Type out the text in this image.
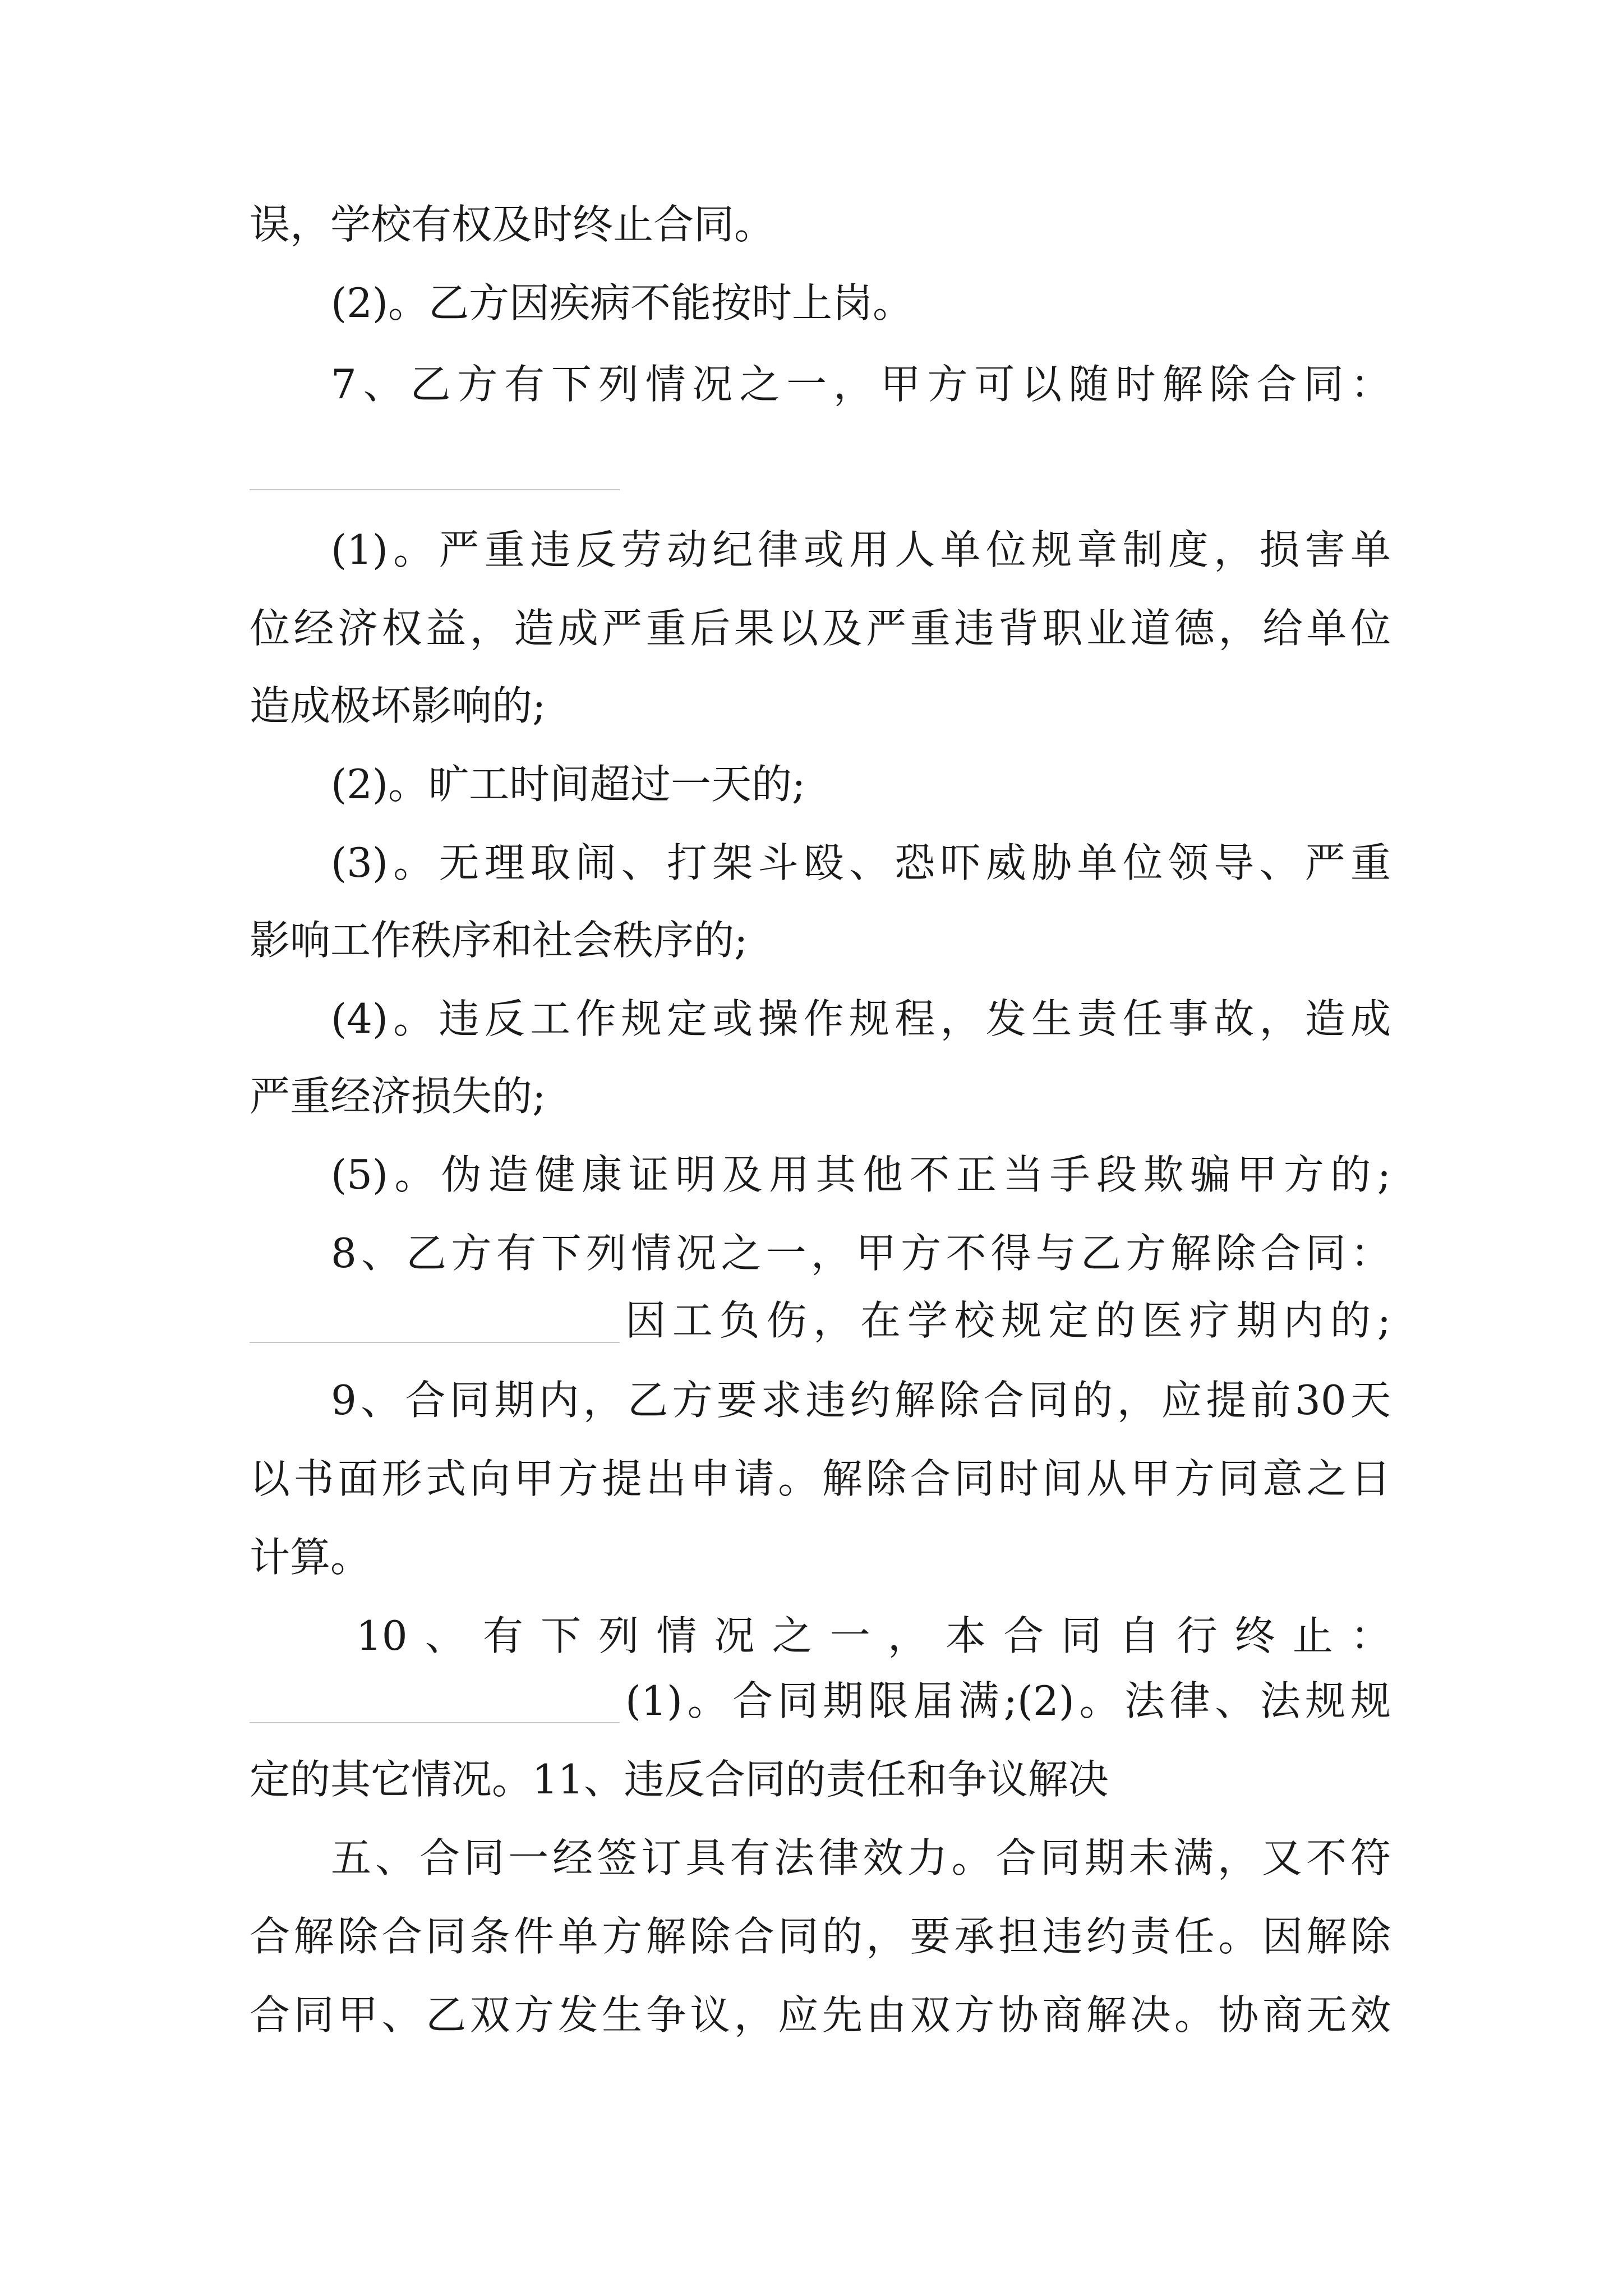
误，学校有权及时终止合同。
(2)。乙方因疾病不能按时上岗。
7、乙方有下列情况之一，甲方可以随时解除合同：
(1)。严重违反劳动纪律或用人单位规章制度，损害单
位经济权益，造成严重后果以及严重违背职业道德，给单位
造成极坏影响的;
(2)。旷工时间超过一天的;
(3)。无理取闹、打架斗殴、恐吓威胁单位领导、严重
影响工作秩序和社会秩序的;
(4)。违反工作规定或操作规程，发生责任事故，造成
严重经济损失的;
(5)。伪造健康证明及用其他不正当手段欺骗甲方的;
8、乙方有下列情况之一，甲方不得与乙方解除合同：
因工负伤，在学校规定的医疗期内的;
9、合同期内，乙方要求违约解除合同的，应提前30天
以书面形式向甲方提出申请。解除合同时间从甲方同意之日
计算。
10、有下列情况之一，本合同自行终止：
(1)。合同期限届满;(2)。法律、法规规
定的其它情况。11、违反合同的责任和争议解决
五、合同一经签订具有法律效力。合同期未满，又不符
合解除合同条件单方解除合同的，要承担违约责任。因解除
合同甲、乙双方发生争议，应先由双方协商解决。协商无效
